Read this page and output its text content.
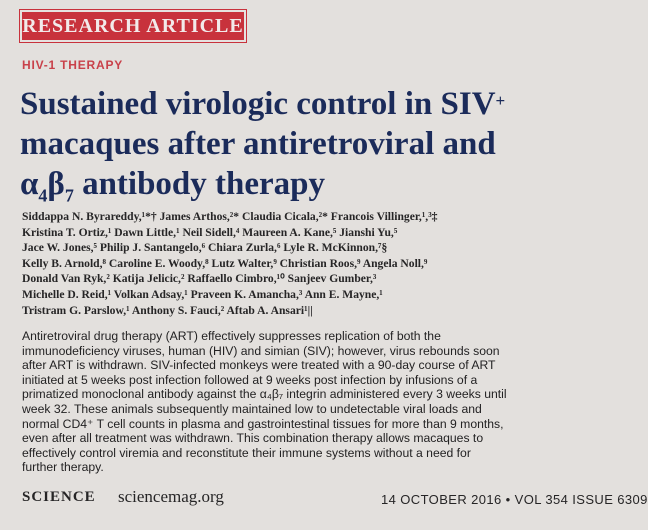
RESEARCH ARTICLE
HIV-1 THERAPY
Sustained virologic control in SIV+
macaques after antiretroviral and
$\alpha_4\beta_7$ antibody therapy
Siddappa N. Byrareddy,¹*† James Arthos,²* Claudia Cicala,²* Francois Villinger,¹,³‡
Kristina T. Ortiz,¹ Dawn Little,¹ Neil Sidell,⁴ Maureen A. Kane,⁵ Jianshi Yu,⁵
Jace W. Jones,⁵ Philip J. Santangelo,⁶ Chiara Zurla,⁶ Lyle R. McKinnon,⁷§
Kelly B. Arnold,⁸ Caroline E. Woody,⁸ Lutz Walter,⁹ Christian Roos,⁹ Angela Noll,⁹
Donald Van Ryk,² Katija Jelicic,² Raffaello Cimbro,¹⁰ Sanjeev Gumber,³
Michelle D. Reid,¹ Volkan Adsay,¹ Praveen K. Amancha,³ Ann E. Mayne,¹
Tristram G. Parslow,¹ Anthony S. Fauci,² Aftab A. Ansari¹||
Antiretroviral drug therapy (ART) effectively suppresses replication of both the
immunodeficiency viruses, human (HIV) and simian (SIV); however, virus rebounds soon
after ART is withdrawn. SIV-infected monkeys were treated with a 90-day course of ART
initiated at 5 weeks post infection followed at 9 weeks post infection by infusions of a
primatized monoclonal antibody against the α₄β₇ integrin administered every 3 weeks until
week 32. These animals subsequently maintained low to undetectable viral loads and
normal CD4⁺ T cell counts in plasma and gastrointestinal tissues for more than 9 months,
even after all treatment was withdrawn. This combination therapy allows macaques to
effectively control viremia and reconstitute their immune systems without a need for
further therapy.
SCIENCE sciencemag.org	14 OCTOBER 2016 • VOL 354 ISSUE 6309
